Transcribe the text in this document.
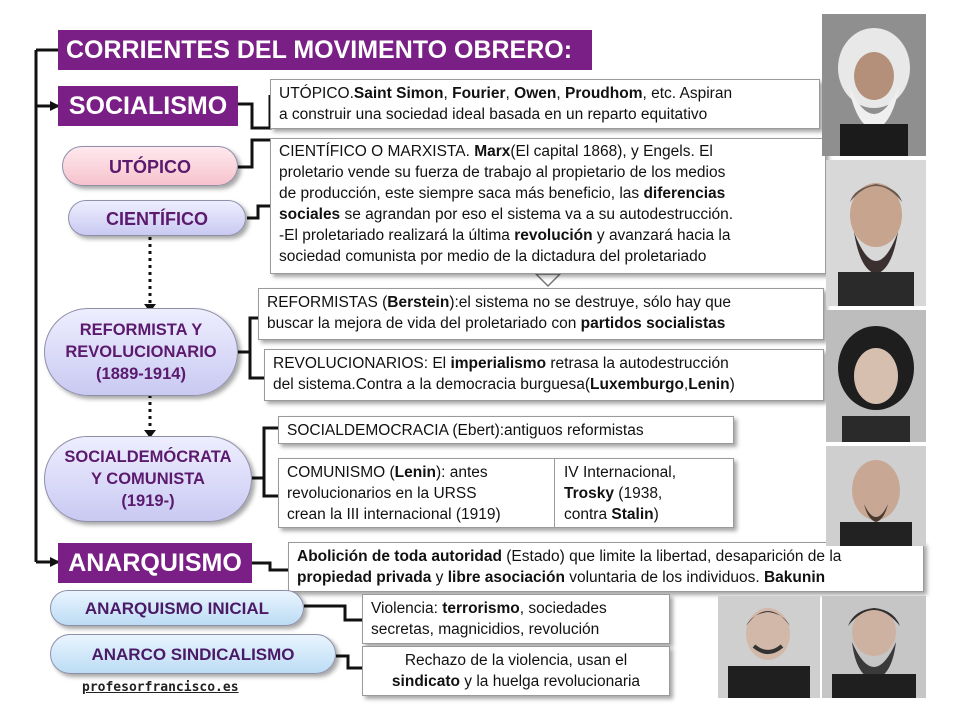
CORRIENTES DEL MOVIMENTO OBRERO:
SOCIALISMO	UTÓPICO.Saint Simon, Fourier, Owen, Proudhom, etc. Aspiran
a construir una sociedad ideal basada en un reparto equitativo
UTÓPICO
CIENTÍFICO O MARXISTA. Marx(El capital 1868), y Engels. El
proletario vende su fuerza de trabajo al propietario de los medios
de producción, este siempre saca más beneficio, las diferencias
sociales se agrandan por eso el sistema va a su autodestrucción.
-El proletariado realizará la última revolución y avanzará hacia la
sociedad comunista por medio de la dictadura del proletariado
CIENTÍFICO
REFORMISTAS (Berstein):el sistema no se destruye, sólo hay que
buscar la mejora de vida del proletariado con partidos socialistas
REVOLUCIONARIOS: El imperialismo retrasa la autodestrucción
del sistema.Contra a la democracia burguesa(Luxemburgo,Lenin)
REFORMISTA Y
REVOLUCIONARIO
(1889-1914)
SOCIALDEMOCRACIA (Ebert):antiguos reformistas
COMUNISMO (Lenin): antes
revolucionarios en la URSS
crean la III internacional (1919)
IV Internacional,
Trosky (1938,
contra Stalin)
SOCIALDEMÓCRATA
Y COMUNISTA
(1919-)
ANARQUISMO	Abolición de toda autoridad (Estado) que limite la libertad, desaparición de la
propiedad privada y libre asociación voluntaria de los individuos. Bakunin
ANARQUISMO INICIAL	Violencia: terrorismo, sociedades
secretas, magnicidios, revolución
ANARCO SINDICALISMO	Rechazo de la violencia, usan el
sindicato y la huelga revolucionaria
profesorfrancisco.es
